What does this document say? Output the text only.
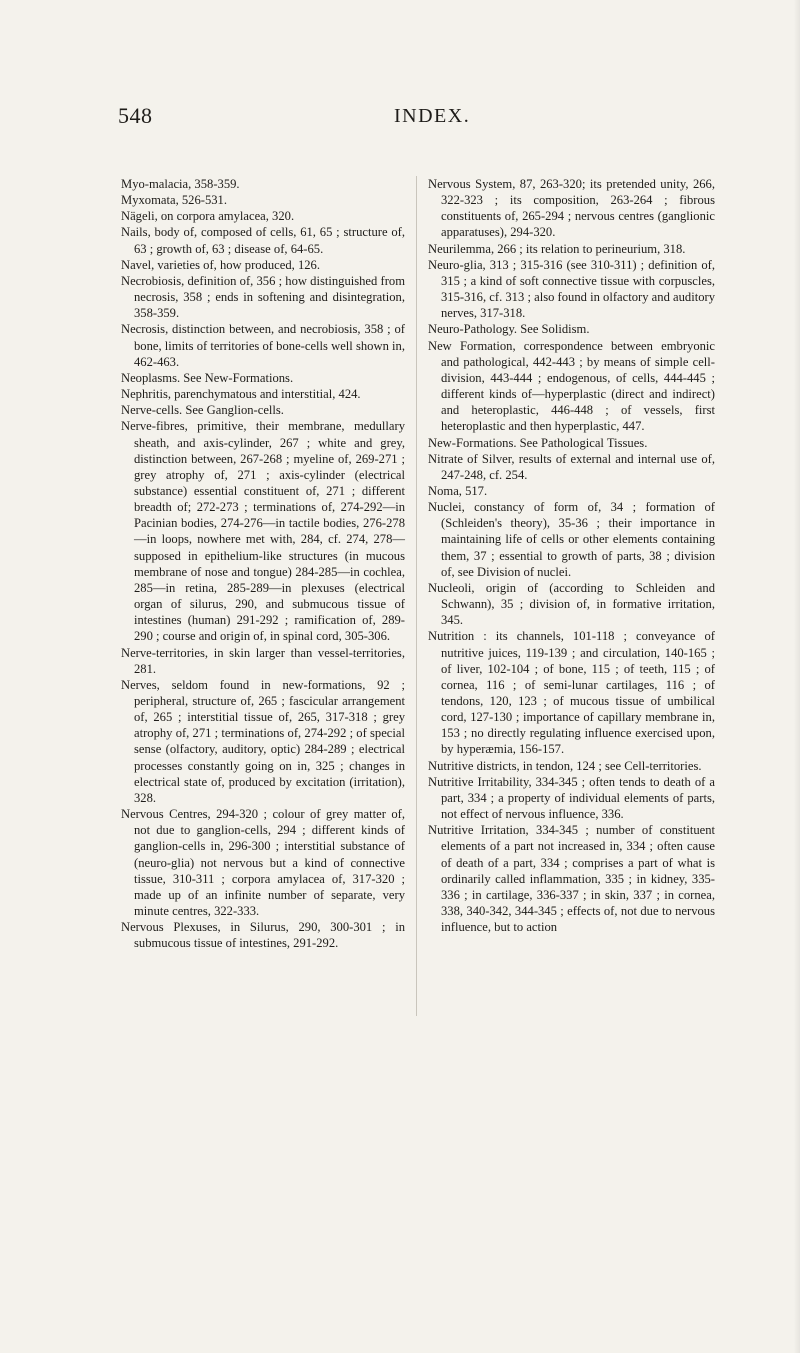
548	INDEX.

Myo-malacia, 358-359.

Myxomata, 526-531.

Nägeli, on corpora amylacea, 320.

Nails, body of, composed of cells, 61, 65 ; structure of, 63 ; growth of, 63 ; disease of, 64-65.

Navel, varieties of, how produced, 126.

Necrobiosis, definition of, 356 ; how distinguished from necrosis, 358 ; ends in softening and disintegration, 358-359.

Necrosis, distinction between, and necrobiosis, 358 ; of bone, limits of territories of bone-cells well shown in, 462-463.

Neoplasms. See New-Formations.

Nephritis, parenchymatous and interstitial, 424.

Nerve-cells. See Ganglion-cells.

Nerve-fibres, primitive, their membrane, medullary sheath, and axis-cylinder, 267 ; white and grey, distinction between, 267-268 ; myeline of, 269-271 ; grey atrophy of, 271 ; axis-cylinder (electrical substance) essential constituent of, 271 ; different breadth of; 272-273 ; terminations of, 274-292—in Pacinian bodies, 274-276—in tactile bodies, 276-278—in loops, nowhere met with, 284, cf. 274, 278—supposed in epithelium-like structures (in mucous membrane of nose and tongue) 284-285—in cochlea, 285—in retina, 285-289—in plexuses (electrical organ of silurus, 290, and submucous tissue of intestines (human) 291-292 ; ramification of, 289-290 ; course and origin of, in spinal cord, 305-306.

Nerve-territories, in skin larger than vessel-territories, 281.

Nerves, seldom found in new-formations, 92 ; peripheral, structure of, 265 ; fascicular arrangement of, 265 ; interstitial tissue of, 265, 317-318 ; grey atrophy of, 271 ; terminations of, 274-292 ; of special sense (olfactory, auditory, optic) 284-289 ; electrical processes constantly going on in, 325 ; changes in electrical state of, produced by excitation (irritation), 328.

Nervous Centres, 294-320 ; colour of grey matter of, not due to ganglion-cells, 294 ; different kinds of ganglion-cells in, 296-300 ; interstitial substance of (neuro-glia) not nervous but a kind of connective tissue, 310-311 ; corpora amylacea of, 317-320 ; made up of an infinite number of separate, very minute centres, 322-333.

Nervous Plexuses, in Silurus, 290, 300-301 ; in submucous tissue of intestines, 291-292.

Nervous System, 87, 263-320; its pretended unity, 266, 322-323 ; its composition, 263-264 ; fibrous constituents of, 265-294 ; nervous centres (ganglionic apparatuses), 294-320.

Neurilemma, 266 ; its relation to perineurium, 318.

Neuro-glia, 313 ; 315-316 (see 310-311) ; definition of, 315 ; a kind of soft connective tissue with corpuscles, 315-316, cf. 313 ; also found in olfactory and auditory nerves, 317-318.

Neuro-Pathology. See Solidism.

New Formation, correspondence between embryonic and pathological, 442-443 ; by means of simple cell-division, 443-444 ; endogenous, of cells, 444-445 ; different kinds of—hyperplastic (direct and indirect) and heteroplastic, 446-448 ; of vessels, first heteroplastic and then hyperplastic, 447.

New-Formations. See Pathological Tissues.

Nitrate of Silver, results of external and internal use of, 247-248, cf. 254.

Noma, 517.

Nuclei, constancy of form of, 34 ; formation of (Schleiden's theory), 35-36 ; their importance in maintaining life of cells or other elements containing them, 37 ; essential to growth of parts, 38 ; division of, see Division of nuclei.

Nucleoli, origin of (according to Schleiden and Schwann), 35 ; division of, in formative irritation, 345.

Nutrition : its channels, 101-118 ; conveyance of nutritive juices, 119-139 ; and circulation, 140-165 ; of liver, 102-104 ; of bone, 115 ; of teeth, 115 ; of cornea, 116 ; of semi-lunar cartilages, 116 ; of tendons, 120, 123 ; of mucous tissue of umbilical cord, 127-130 ; importance of capillary membrane in, 153 ; no directly regulating influence exercised upon, by hyperæmia, 156-157.

Nutritive districts, in tendon, 124 ; see Cell-territories.

Nutritive Irritability, 334-345 ; often tends to death of a part, 334 ; a property of individual elements of parts, not effect of nervous influence, 336.

Nutritive Irritation, 334-345 ; number of constituent elements of a part not increased in, 334 ; often cause of death of a part, 334 ; comprises a part of what is ordinarily called inflammation, 335 ; in kidney, 335-336 ; in cartilage, 336-337 ; in skin, 337 ; in cornea, 338, 340-342, 344-345 ; effects of, not due to nervous influence, but to action
